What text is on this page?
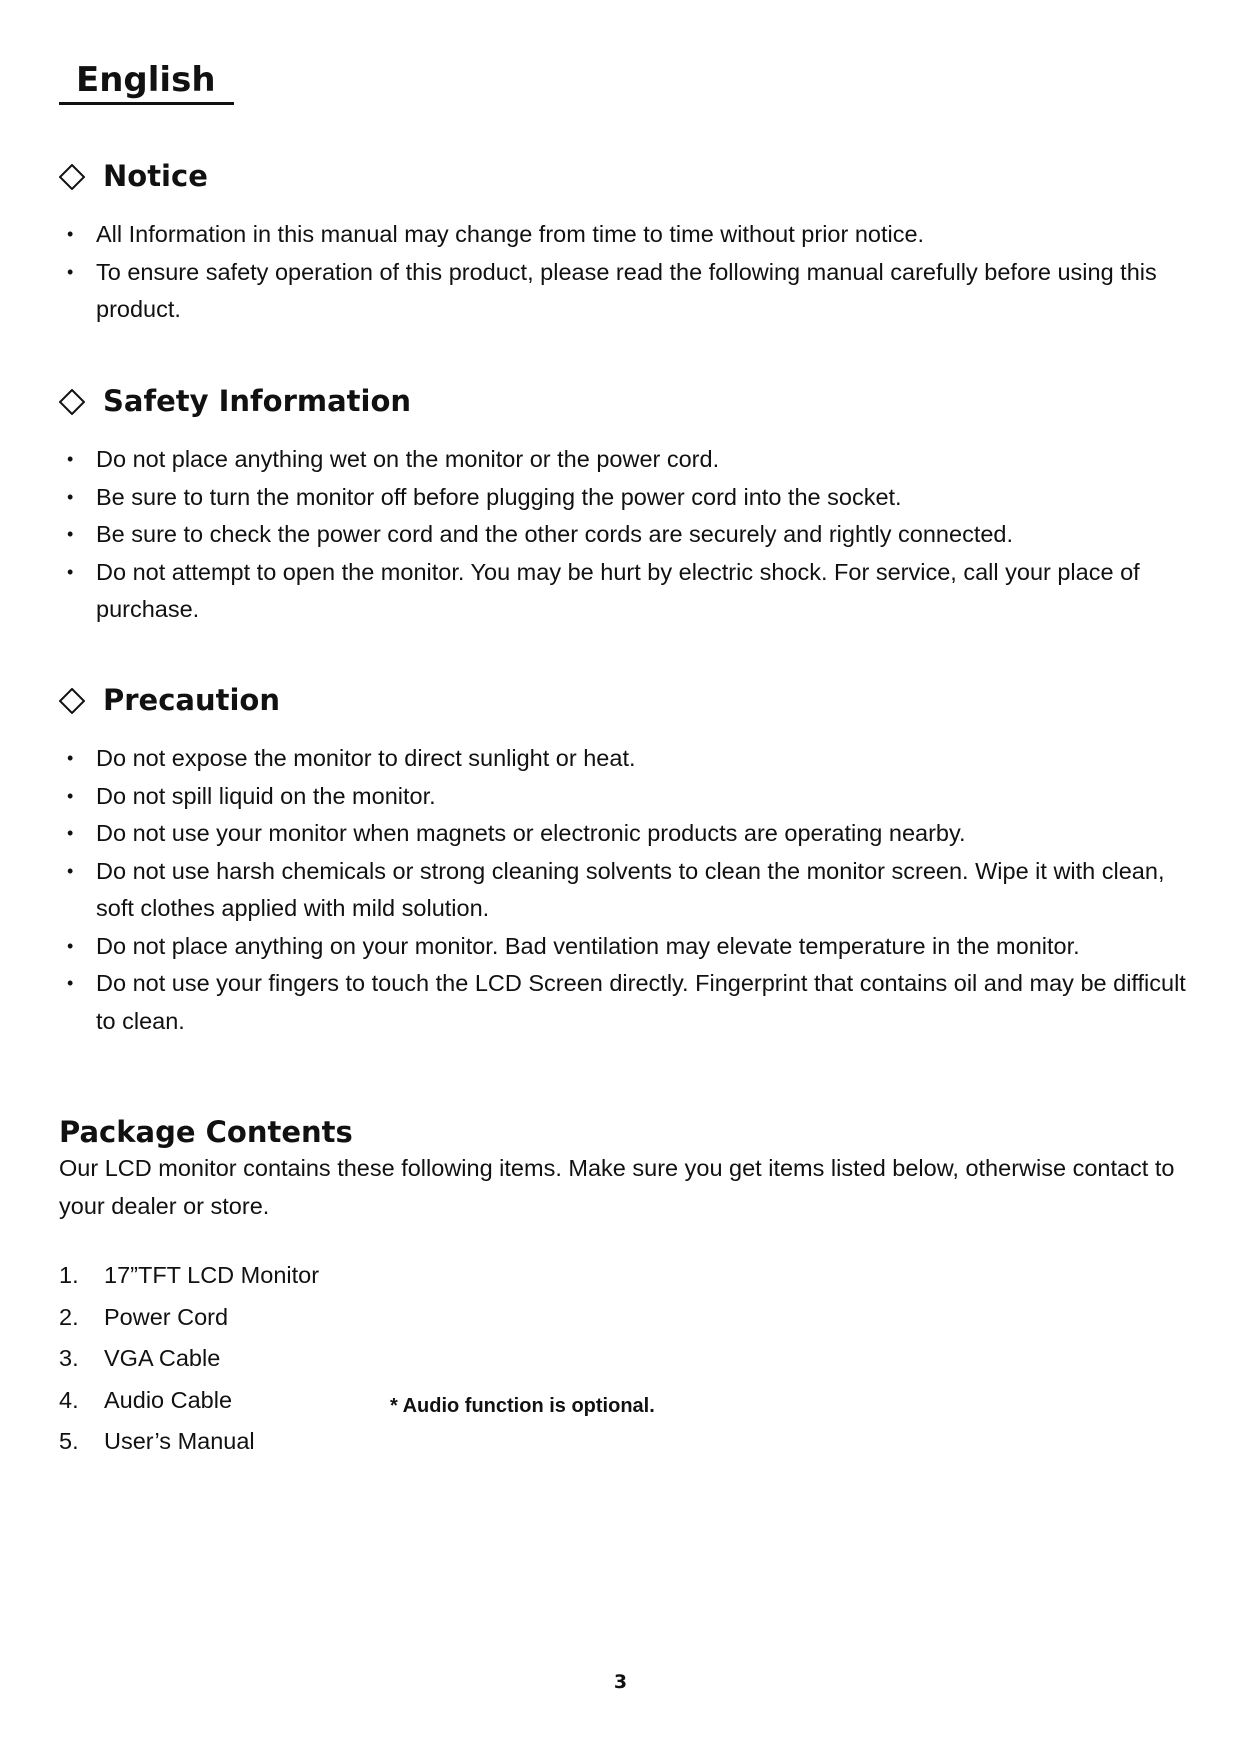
English
Notice
• All Information in this manual may change from time to time without prior notice.
• To ensure safety operation of this product, please read the following manual carefully before using this product.
Safety Information
• Do not place anything wet on the monitor or the power cord.
• Be sure to turn the monitor off before plugging the power cord into the socket.
• Be sure to check the power cord and the other cords are securely and rightly connected.
• Do not attempt to open the monitor. You may be hurt by electric shock. For service, call your place of purchase.
Precaution
• Do not expose the monitor to direct sunlight or heat.
• Do not spill liquid on the monitor.
• Do not use your monitor when magnets or electronic products are operating nearby.
• Do not use harsh chemicals or strong cleaning solvents to clean the monitor screen. Wipe it with clean, soft clothes applied with mild solution.
• Do not place anything on your monitor. Bad ventilation may elevate temperature in the monitor.
• Do not use your fingers to touch the LCD Screen directly. Fingerprint that contains oil and may be difficult to clean.
Package Contents

Our LCD monitor contains these following items. Make sure you get items listed below, otherwise contact to your dealer or store.

1. 17”TFT LCD Monitor
2. Power Cord
3. VGA Cable
4. Audio Cable
5. User’s Manual
* Audio function is optional.
3
